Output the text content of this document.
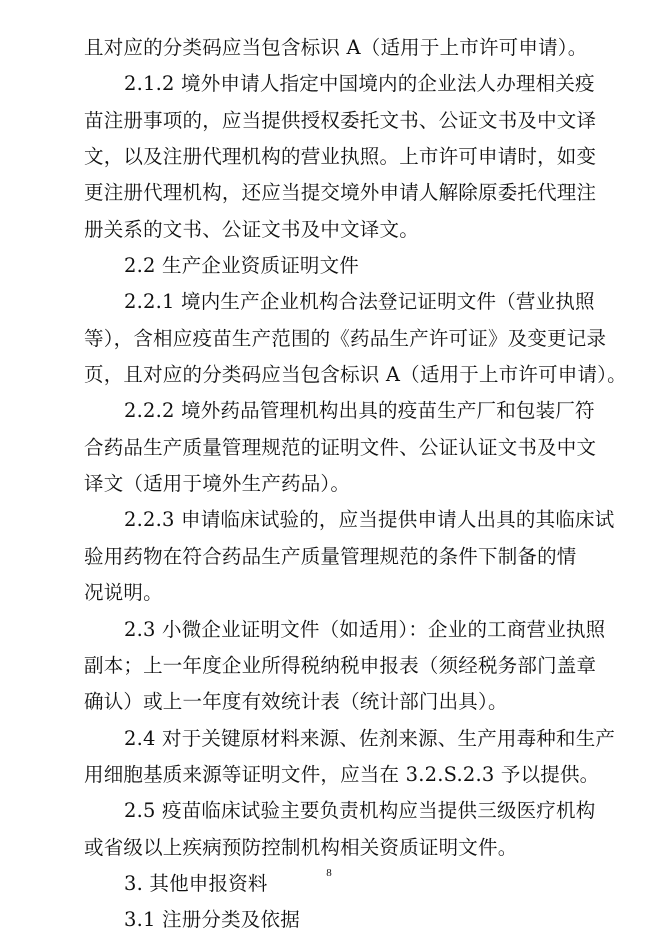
且对应的分类码应当包含标识 A（适用于上市许可申请）。
2.1.2 境外申请人指定中国境内的企业法人办理相关疫
苗注册事项的，应当提供授权委托文书、公证文书及中文译
文，以及注册代理机构的营业执照。上市许可申请时，如变
更注册代理机构，还应当提交境外申请人解除原委托代理注
册关系的文书、公证文书及中文译文。
2.2 生产企业资质证明文件
2.2.1 境内生产企业机构合法登记证明文件（营业执照
等），含相应疫苗生产范围的《药品生产许可证》及变更记录
页，且对应的分类码应当包含标识 A（适用于上市许可申请）。
2.2.2 境外药品管理机构出具的疫苗生产厂和包装厂符
合药品生产质量管理规范的证明文件、公证认证文书及中文
译文（适用于境外生产药品）。
2.2.3 申请临床试验的，应当提供申请人出具的其临床试
验用药物在符合药品生产质量管理规范的条件下制备的情
况说明。
2.3 小微企业证明文件（如适用）：企业的工商营业执照
副本；上一年度企业所得税纳税申报表（须经税务部门盖章
确认）或上一年度有效统计表（统计部门出具）。
2.4 对于关键原材料来源、佐剂来源、生产用毒种和生产
用细胞基质来源等证明文件，应当在 3.2.S.2.3 予以提供。
2.5 疫苗临床试验主要负责机构应当提供三级医疗机构
或省级以上疾病预防控制机构相关资质证明文件。
3. 其他申报资料
3.1 注册分类及依据
8
